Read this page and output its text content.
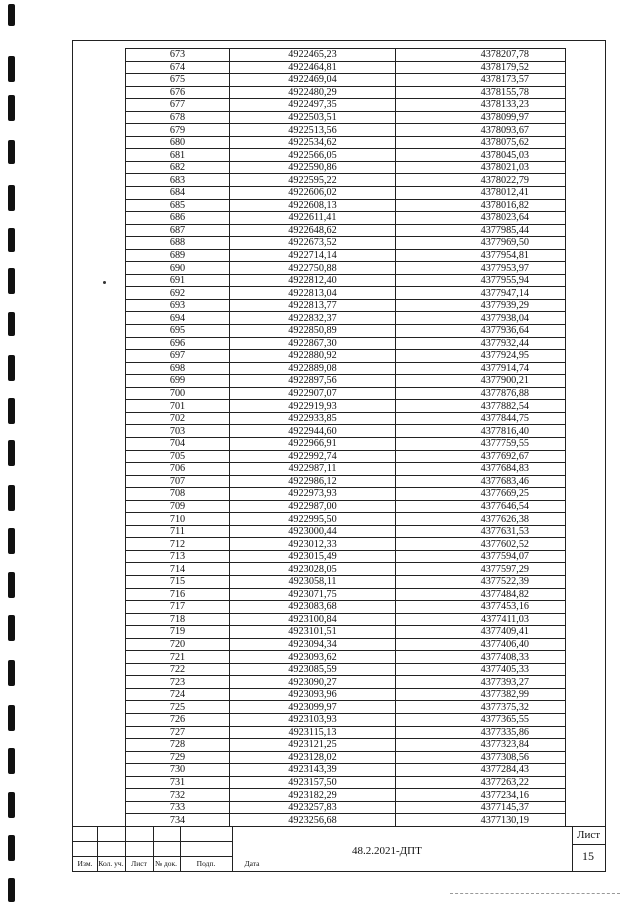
673	4922465,23	4378207,78
674	4922464,81	4378179,52
675	4922469,04	4378173,57
676	4922480,29	4378155,78
677	4922497,35	4378133,23
678	4922503,51	4378099,97
679	4922513,56	4378093,67
680	4922534,62	4378075,62
681	4922566,05	4378045,03
682	4922590,86	4378021,03
683	4922595,22	4378022,79
684	4922606,02	4378012,41
685	4922608,13	4378016,82
686	4922611,41	4378023,64
687	4922648,62	4377985,44
688	4922673,52	4377969,50
689	4922714,14	4377954,81
690	4922750,88	4377953,97
691	4922812,40	4377955,94
692	4922813,04	4377947,14
693	4922813,77	4377939,29
694	4922832,37	4377938,04
695	4922850,89	4377936,64
696	4922867,30	4377932,44
697	4922880,92	4377924,95
698	4922889,08	4377914,74
699	4922897,56	4377900,21
700	4922907,07	4377876,88
701	4922919,93	4377882,54
702	4922933,85	4377844,75
703	4922944,60	4377816,40
704	4922966,91	4377759,55
705	4922992,74	4377692,67
706	4922987,11	4377684,83
707	4922986,12	4377683,46
708	4922973,93	4377669,25
709	4922987,00	4377646,54
710	4922995,50	4377626,38
711	4923000,44	4377631,53
712	4923012,33	4377602,52
713	4923015,49	4377594,07
714	4923028,05	4377597,29
715	4923058,11	4377522,39
716	4923071,75	4377484,82
717	4923083,68	4377453,16
718	4923100,84	4377411,03
719	4923101,51	4377409,41
720	4923094,34	4377406,40
721	4923093,62	4377408,33
722	4923085,59	4377405,33
723	4923090,27	4377393,27
724	4923093,96	4377382,99
725	4923099,97	4377375,32
726	4923103,93	4377365,55
727	4923115,13	4377335,86
728	4923121,25	4377323,84
729	4923128,02	4377308,56
730	4923143,39	4377284,43
731	4923157,50	4377263,22
732	4923182,29	4377234,16
733	4923257,83	4377145,37
734	4923256,68	4377130,19
Изм. Кол. уч.	Лист	№ док.	Подп.	Дата
48.2.2021-ДПТ
Лист
15
